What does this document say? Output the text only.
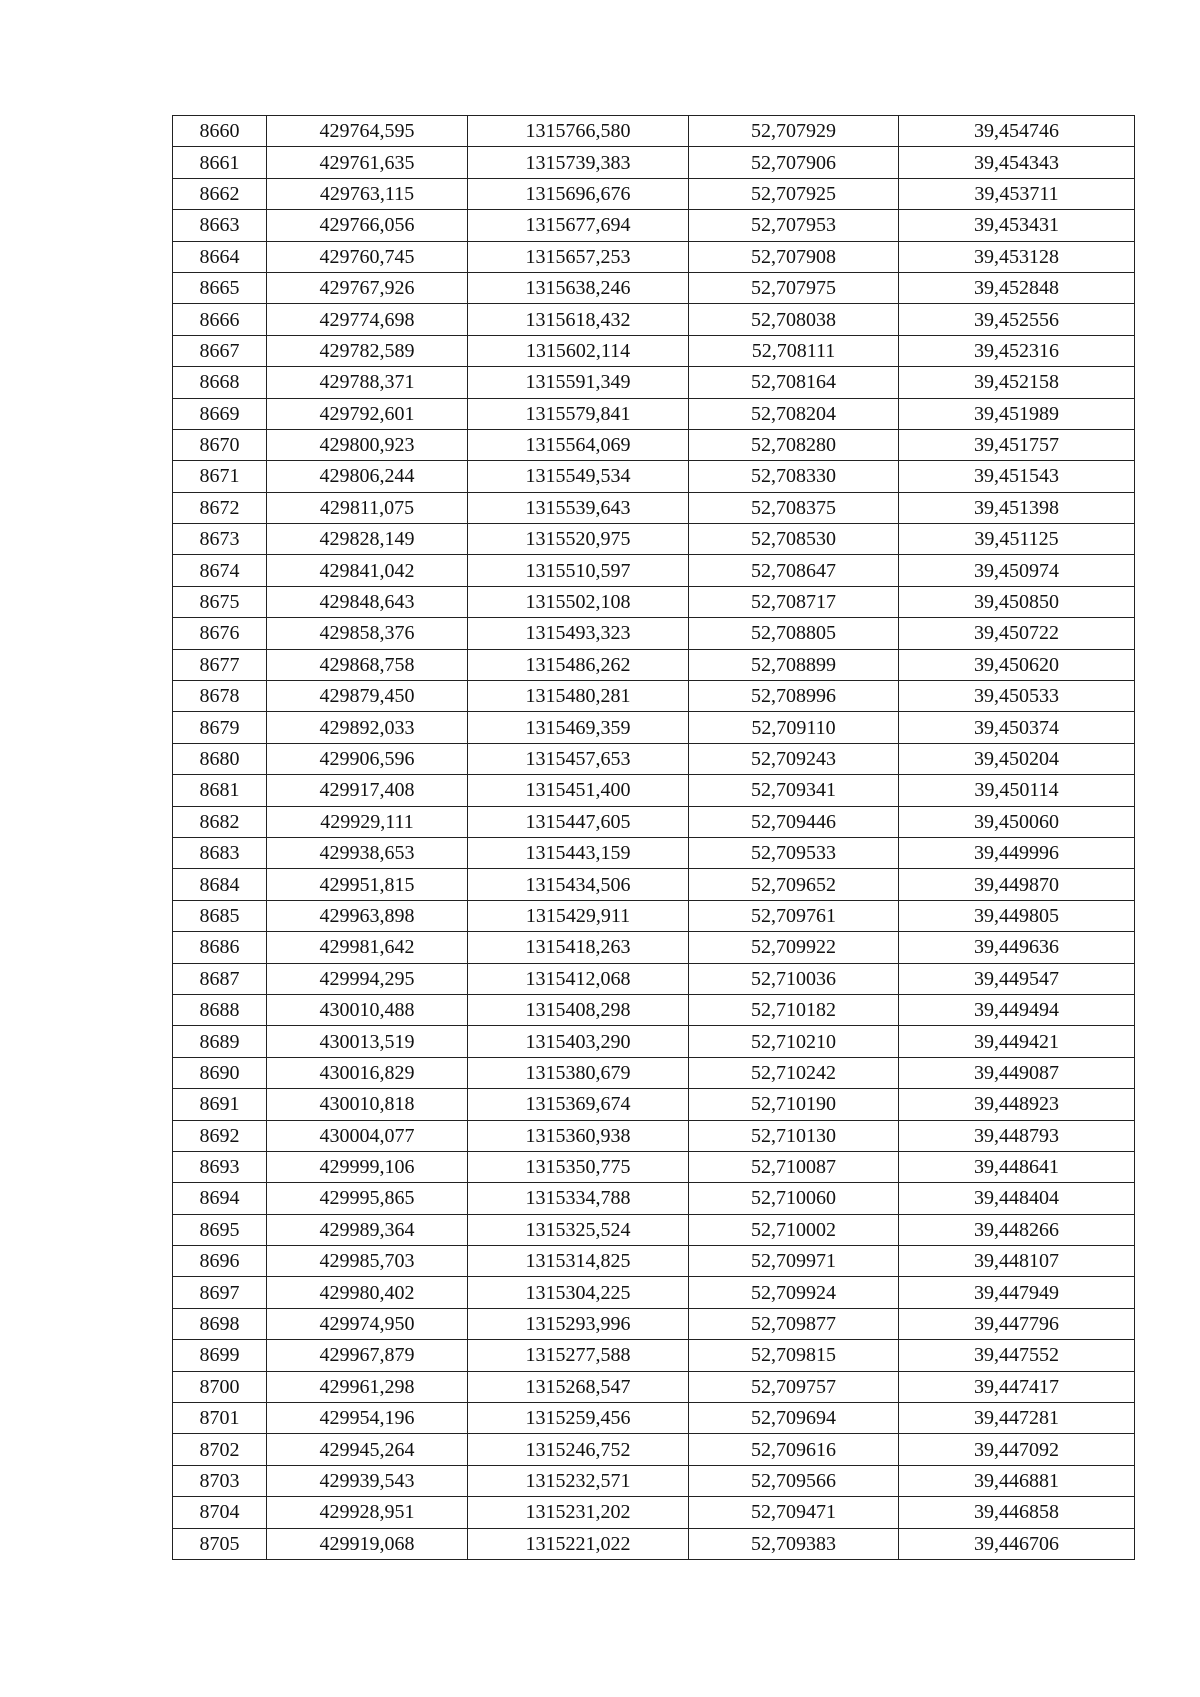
8660	429764,595	1315766,580	52,707929	39,454746
8661	429761,635	1315739,383	52,707906	39,454343
8662	429763,115	1315696,676	52,707925	39,453711
8663	429766,056	1315677,694	52,707953	39,453431
8664	429760,745	1315657,253	52,707908	39,453128
8665	429767,926	1315638,246	52,707975	39,452848
8666	429774,698	1315618,432	52,708038	39,452556
8667	429782,589	1315602,114	52,708111	39,452316
8668	429788,371	1315591,349	52,708164	39,452158
8669	429792,601	1315579,841	52,708204	39,451989
8670	429800,923	1315564,069	52,708280	39,451757
8671	429806,244	1315549,534	52,708330	39,451543
8672	429811,075	1315539,643	52,708375	39,451398
8673	429828,149	1315520,975	52,708530	39,451125
8674	429841,042	1315510,597	52,708647	39,450974
8675	429848,643	1315502,108	52,708717	39,450850
8676	429858,376	1315493,323	52,708805	39,450722
8677	429868,758	1315486,262	52,708899	39,450620
8678	429879,450	1315480,281	52,708996	39,450533
8679	429892,033	1315469,359	52,709110	39,450374
8680	429906,596	1315457,653	52,709243	39,450204
8681	429917,408	1315451,400	52,709341	39,450114
8682	429929,111	1315447,605	52,709446	39,450060
8683	429938,653	1315443,159	52,709533	39,449996
8684	429951,815	1315434,506	52,709652	39,449870
8685	429963,898	1315429,911	52,709761	39,449805
8686	429981,642	1315418,263	52,709922	39,449636
8687	429994,295	1315412,068	52,710036	39,449547
8688	430010,488	1315408,298	52,710182	39,449494
8689	430013,519	1315403,290	52,710210	39,449421
8690	430016,829	1315380,679	52,710242	39,449087
8691	430010,818	1315369,674	52,710190	39,448923
8692	430004,077	1315360,938	52,710130	39,448793
8693	429999,106	1315350,775	52,710087	39,448641
8694	429995,865	1315334,788	52,710060	39,448404
8695	429989,364	1315325,524	52,710002	39,448266
8696	429985,703	1315314,825	52,709971	39,448107
8697	429980,402	1315304,225	52,709924	39,447949
8698	429974,950	1315293,996	52,709877	39,447796
8699	429967,879	1315277,588	52,709815	39,447552
8700	429961,298	1315268,547	52,709757	39,447417
8701	429954,196	1315259,456	52,709694	39,447281
8702	429945,264	1315246,752	52,709616	39,447092
8703	429939,543	1315232,571	52,709566	39,446881
8704	429928,951	1315231,202	52,709471	39,446858
8705	429919,068	1315221,022	52,709383	39,446706
